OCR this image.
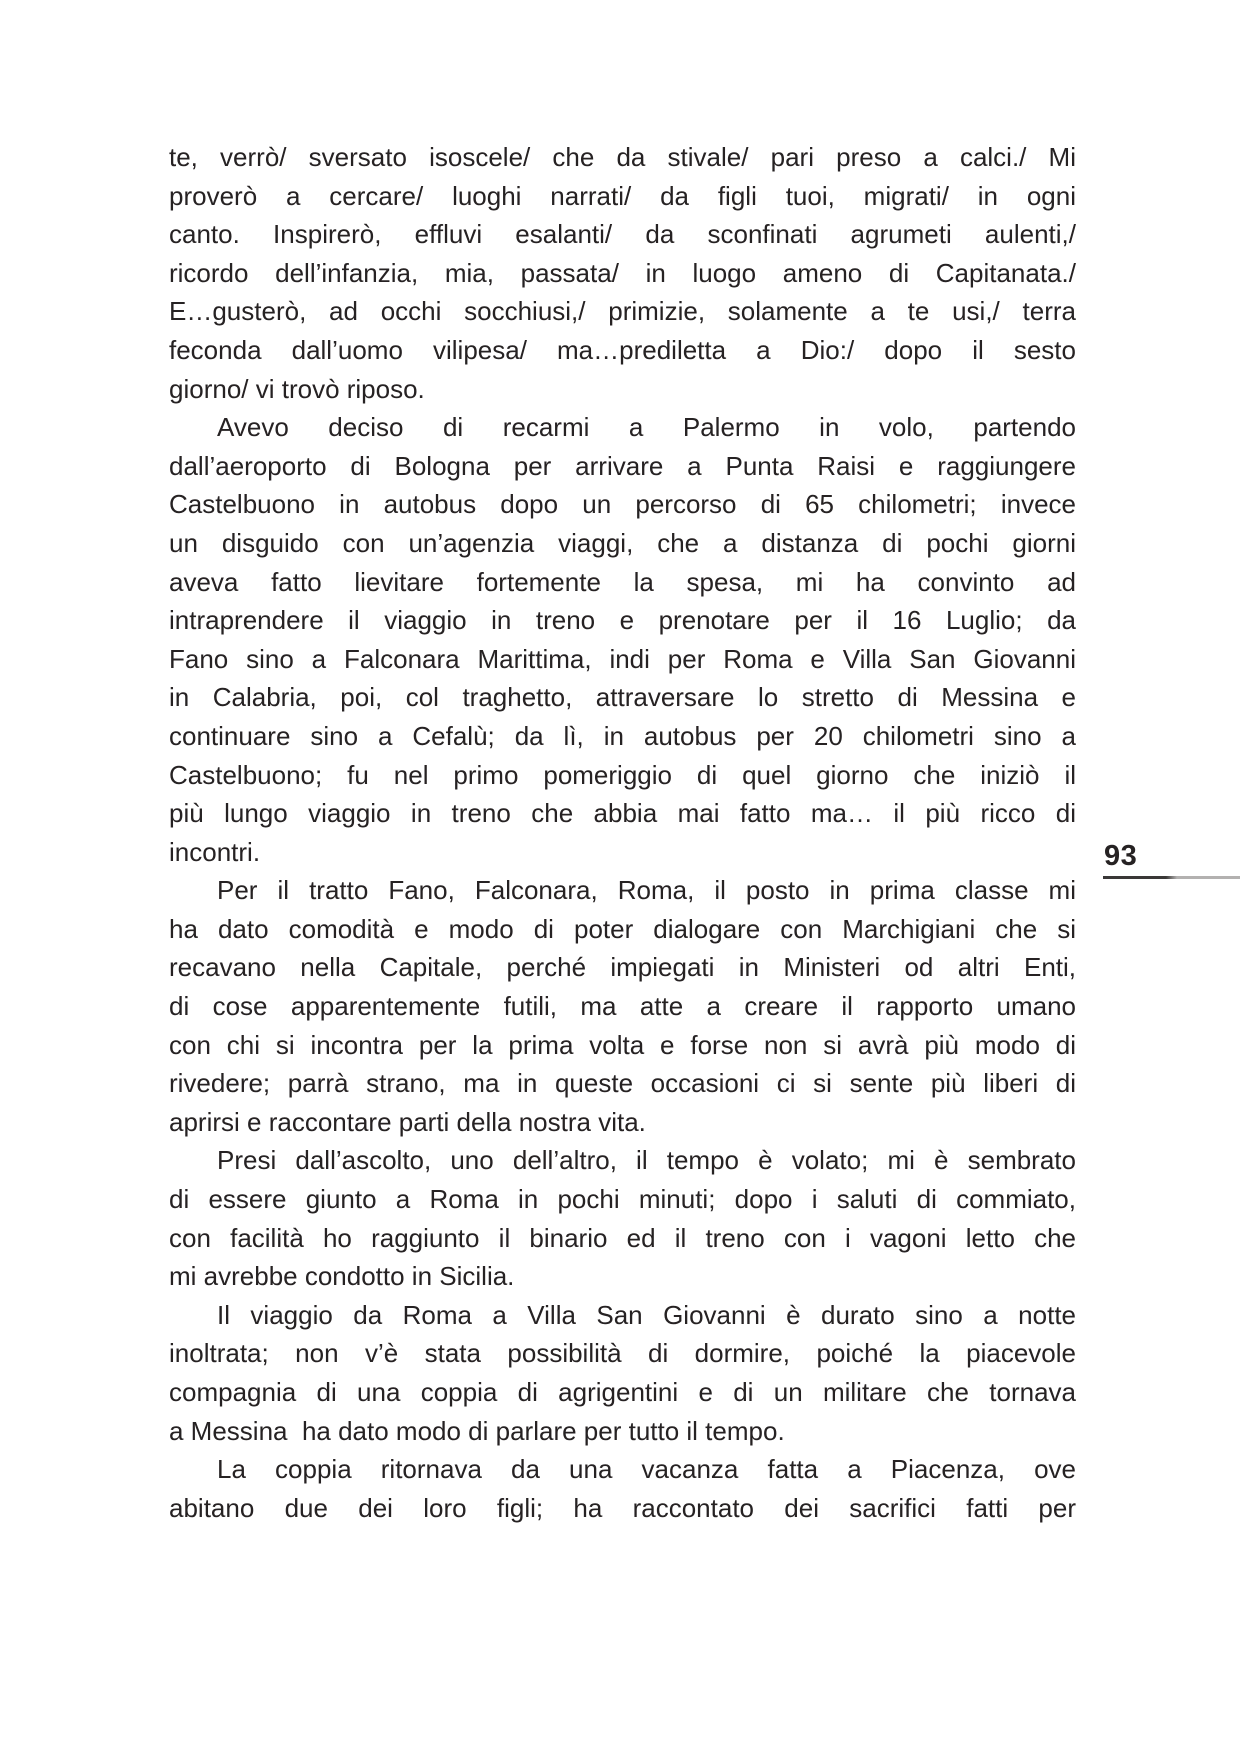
te, verrò/ sversato isoscele/ che da stivale/ pari preso a calci./ Mi
proverò a cercare/ luoghi narrati/ da figli tuoi, migrati/ in ogni
canto. Inspirerò, effluvi esalanti/ da sconfinati agrumeti aulenti,/
ricordo dell’infanzia, mia, passata/ in luogo ameno di Capitanata./
E…gusterò, ad occhi socchiusi,/ primizie, solamente a te usi,/ terra
feconda dall’uomo vilipesa/ ma…prediletta a Dio:/ dopo il sesto
giorno/ vi trovò riposo.
Avevo deciso di recarmi a Palermo in volo, partendo
dall’aeroporto di Bologna per arrivare a Punta Raisi e raggiungere
Castelbuono in autobus dopo un percorso di 65 chilometri; invece
un disguido con un’agenzia viaggi, che a distanza di pochi giorni
aveva fatto lievitare fortemente la spesa, mi ha convinto ad
intraprendere il viaggio in treno e prenotare per il 16 Luglio; da
Fano sino a Falconara Marittima, indi per Roma e Villa San Giovanni
in Calabria, poi, col traghetto, attraversare lo stretto di Messina e
continuare sino a Cefalù; da lì, in autobus per 20 chilometri sino a
Castelbuono; fu nel primo pomeriggio di quel giorno che iniziò il
più lungo viaggio in treno che abbia mai fatto ma… il più ricco di
incontri.
Per il tratto Fano, Falconara, Roma, il posto in prima classe mi
ha dato comodità e modo di poter dialogare con Marchigiani che si
recavano nella Capitale, perché impiegati in Ministeri od altri Enti,
di cose apparentemente futili, ma atte a creare il rapporto umano
con chi si incontra per la prima volta e forse non si avrà più modo di
rivedere; parrà strano, ma in queste occasioni ci si sente più liberi di
aprirsi e raccontare parti della nostra vita.
Presi dall’ascolto, uno dell’altro, il tempo è volato; mi è sembrato
di essere giunto a Roma in pochi minuti; dopo i saluti di commiato,
con facilità ho raggiunto il binario ed il treno con i vagoni letto che
mi avrebbe condotto in Sicilia.
Il viaggio da Roma a Villa San Giovanni è durato sino a notte
inoltrata; non v’è stata possibilità di dormire, poiché la piacevole
compagnia di una coppia di agrigentini e di un militare che tornava
a Messina  ha dato modo di parlare per tutto il tempo.
La coppia ritornava da una vacanza fatta a Piacenza, ove
abitano due dei loro figli; ha raccontato dei sacrifici fatti per
93
